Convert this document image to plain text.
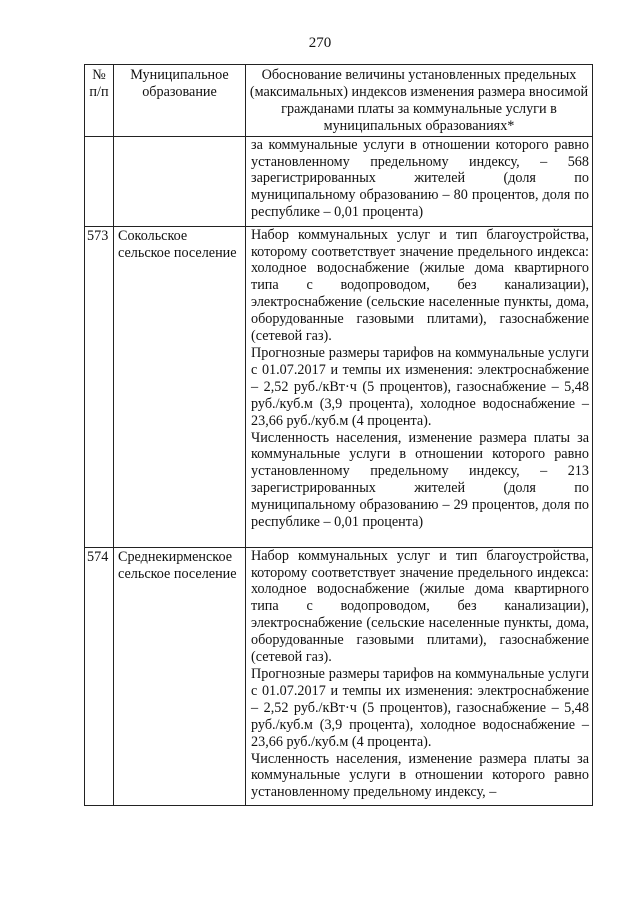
270
№ п/п	Муниципальное образование	Обоснование величины установленных предельных (максимальных) индексов изменения размера вносимой гражданами платы за коммунальные услуги в муниципальных образованиях*

		за коммунальные услуги в отношении которого равно установленному предельному индексу, – 568 зарегистрированных жителей (доля по муниципальному образованию – 80 процентов, доля по республике – 0,01 процента)

573	Сокольское сельское поселение	Набор коммунальных услуг и тип благоустройства, которому соответствует значение предельного индекса: холодное водоснабжение (жилые дома квартирного типа с водопроводом, без канализации), электроснабжение (сельские населенные пункты, дома, оборудованные газовыми плитами), газоснабжение (сетевой газ).
Прогнозные размеры тарифов на коммунальные услуги с 01.07.2017 и темпы их изменения: электроснабжение – 2,52 руб./кВт·ч (5 процентов), газоснабжение – 5,48 руб./куб.м (3,9 процента), холодное водоснабжение – 23,66 руб./куб.м (4 процента).
Численность населения, изменение размера платы за коммунальные услуги в отношении которого равно установленному предельному индексу, – 213 зарегистрированных жителей (доля по муниципальному образованию – 29 процентов, доля по республике – 0,01 процента)

574	Среднекирменское сельское поселение	Набор коммунальных услуг и тип благоустройства, которому соответствует значение предельного индекса: холодное водоснабжение (жилые дома квартирного типа с водопроводом, без канализации), электроснабжение (сельские населенные пункты, дома, оборудованные газовыми плитами), газоснабжение (сетевой газ).
Прогнозные размеры тарифов на коммунальные услуги с 01.07.2017 и темпы их изменения: электроснабжение – 2,52 руб./кВт·ч (5 процентов), газоснабжение – 5,48 руб./куб.м (3,9 процента), холодное водоснабжение – 23,66 руб./куб.м (4 процента).
Численность населения, изменение размера платы за коммунальные услуги в отношении которого равно установленному предельному индексу, –
